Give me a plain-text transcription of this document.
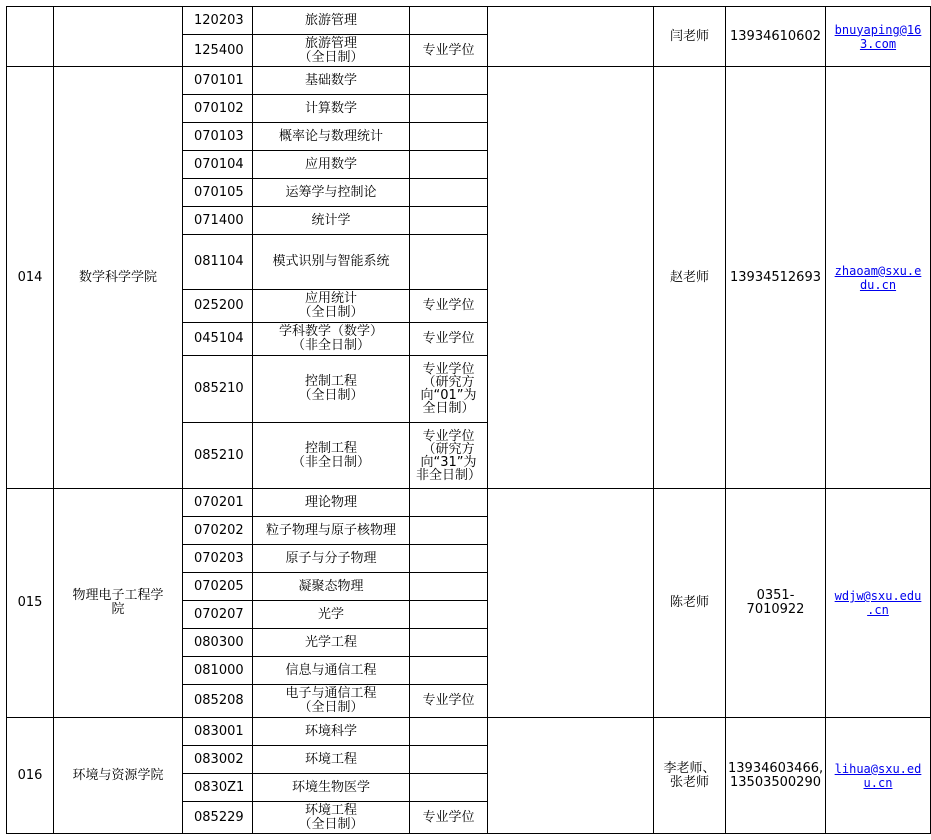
		120203	旅游管理			闫老师	13934610602	bnuyaping@16
3.com

		125400	旅游管理
（全日制）	专业学位				
014	数学科学学院	070101	基础数学			赵老师	13934512693	zhaoam@sxu.e
du.cn

		070102	计算数学					
		070103	概率论与数理统计					
		070104	应用数学					
		070105	运筹学与控制论					
		071400	统计学					
		081104	模式识别与智能系统					
		025200	应用统计
（全日制）	专业学位				
		045104	学科教学（数学）
（非全日制）	专业学位				
		085210	控制工程
（全日制）	专业学位
（研究方
向“01”为
全日制）				
		085210	控制工程
（非全日制）	专业学位
（研究方
向“31”为
非全日制）				
015	物理电子工程学
院	070201	理论物理			陈老师	0351-7010922	wdjw@sxu.edu
.cn

		070202	粒子物理与原子核物理					
		070203	原子与分子物理					
		070205	凝聚态物理					
		070207	光学					
		080300	光学工程					
		081000	信息与通信工程					
		085208	电子与通信工程
（全日制）	专业学位				
016	环境与资源学院	083001	环境科学			李老师、
张老师	13934603466,
13503500290	lihua@sxu.ed
u.cn

		083002	环境工程					
		0830Z1	环境生物医学					
		085229	环境工程
（全日制）	专业学位				
